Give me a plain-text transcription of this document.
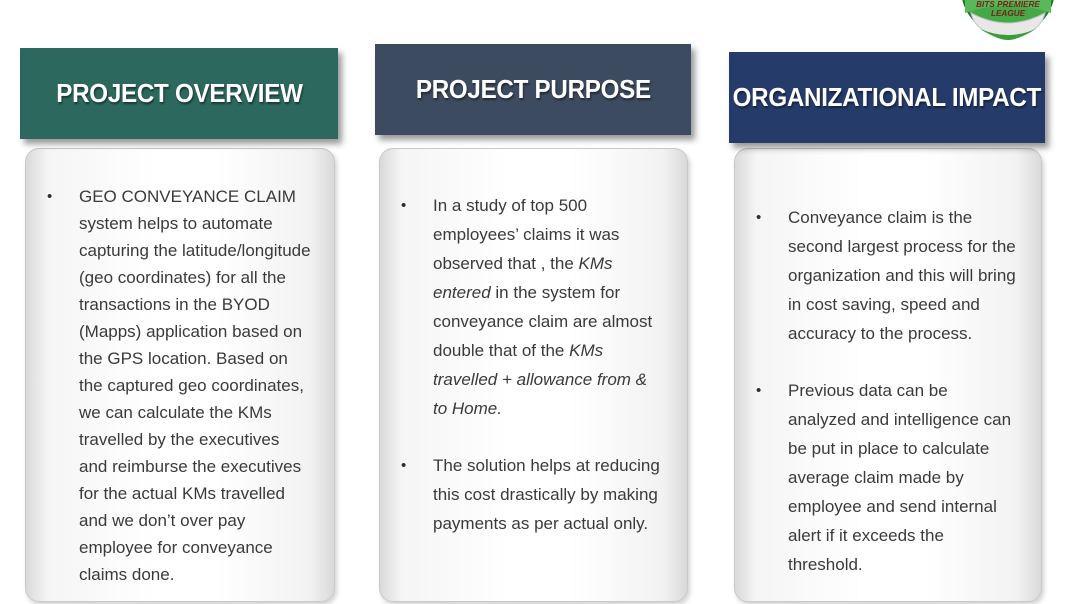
BITS PREMIERE
LEAGUE
PROJECT OVERVIEW
• GEO CONVEYANCE CLAIM system helps to automate capturing the latitude/longitude (geo coordinates) for all the transactions in the BYOD (Mapps) application based on the GPS location. Based on the captured geo coordinates, we can calculate the KMs travelled by the executives and reimburse the executives for the actual KMs travelled and we don’t over pay employee for conveyance claims done.
PROJECT PURPOSE
• In a study of top 500 employees’ claims it was observed that , the KMs entered in the system for conveyance claim are almost double that of the KMs travelled + allowance from & to Home.
• The solution helps at reducing this cost drastically by making payments as per actual only.
ORGANIZATIONAL IMPACT
• Conveyance claim is the second largest process for the organization and this will bring in cost saving, speed and accuracy to the process.
• Previous data can be analyzed and intelligence can be put in place to calculate average claim made by employee and send internal alert if it exceeds the threshold.
